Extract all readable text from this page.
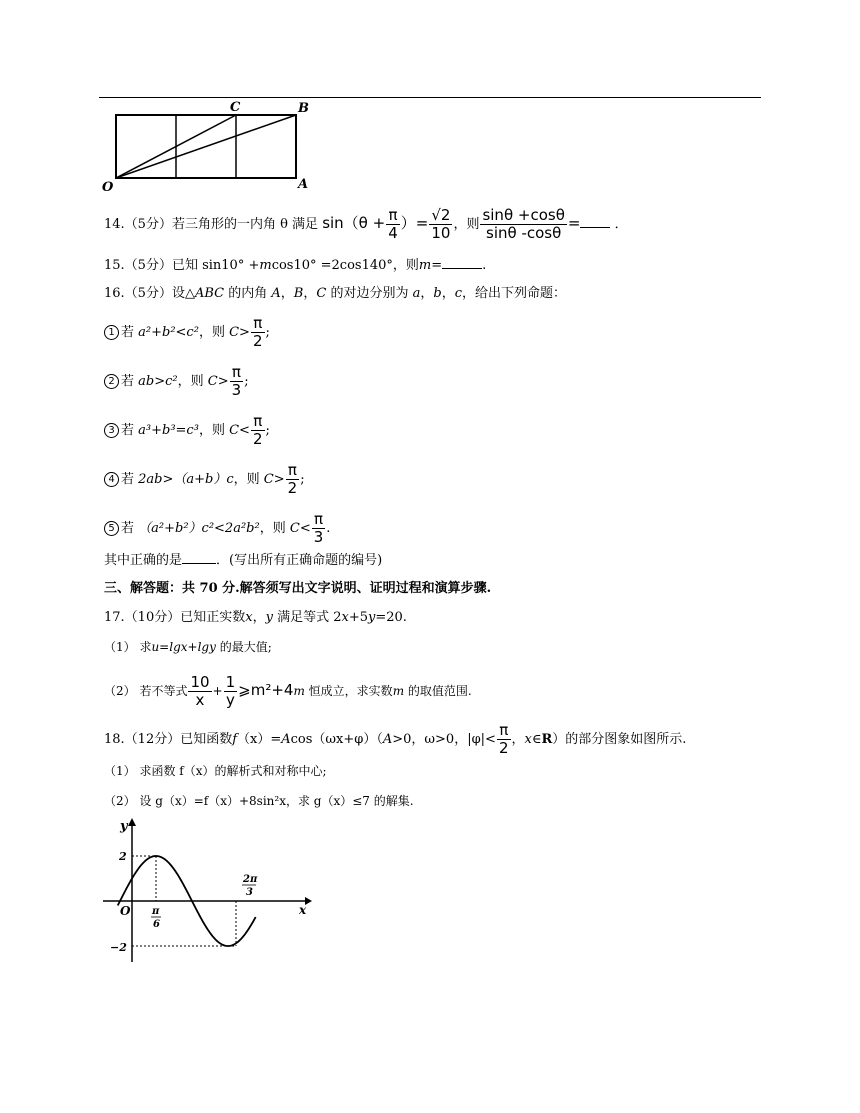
C	B
O	A
14.（5分）若三角形的一内角 θ 满足 $\sin(\theta + \frac{\pi}{4}$ ）= $\frac{√2}{10}$ ，则 $\frac{\sin\theta +\cos\theta}{\sin\theta -\cos\theta}$ =	．
15.（5分）已知 sin10° +mcos10° =2cos140°，则m=	.
16.（5分）设△ABC 的内角 A，B，C 的对边分别为 a，b，c，给出下列命题：
1 若 a²+b²<c²，则 $C> \frac{\pi}{2}$ ;
2 若 ab>c²，则 $C> \frac{\pi}{3}$ ;
3 若 a³+b³=c³，则 $C< \frac{\pi}{2}$ ;
4 若 2ab>（a+b）c，则 $C> \frac{\pi}{2}$ ;
5 若 （a²+b²）c²<2a²b²，则 $C< \frac{\pi}{3}$ .
其中正确的是	．(写出所有正确命题的编号)
三、解答题：共 70 分.解答须写出文字说明、证明过程和演算步骤.
17.（10分）已知正实数x，y 满足等式 2x+5y=20.
（1） 求u=lgx+lgy 的最大值;
（2） 若不等式 $\frac{10}{x} + \frac{1}{y}$ ⩾m²+4m 恒成立，求实数m 的取值范围.
18.（12分）已知函数f（x）=Acos（ωx+φ）（A>0，ω>0，$|\varphi|< \frac{\pi}{2}$ ，x∈R）的部分图象如图所示.
（1） 求函数 f（x）的解析式和对称中心;
（2） 设 g（x）=f（x）+8sin²x，求 g（x）≤7 的解集.
y
x
O
2
−2
π
6
2π
3
